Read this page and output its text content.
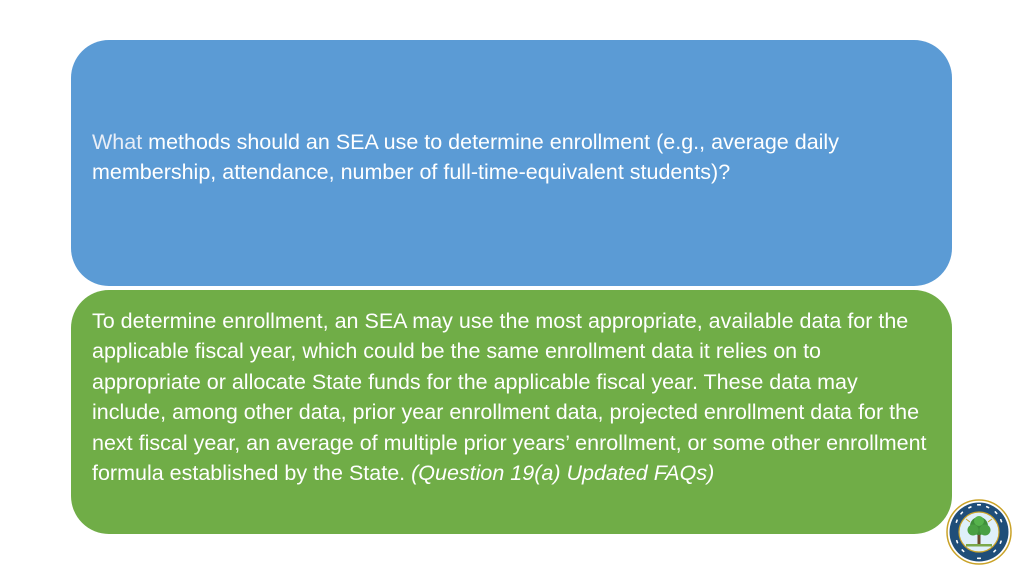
What methods should an SEA use to determine enrollment (e.g., average daily membership, attendance, number of full-time-equivalent students)?

To determine enrollment, an SEA may use the most appropriate, available data for the applicable fiscal year, which could be the same enrollment data it relies on to appropriate or allocate State funds for the applicable fiscal year. These data may include, among other data, prior year enrollment data, projected enrollment data for the next fiscal year, an average of multiple prior years’ enrollment, or some other enrollment formula established by the State. (Question 19(a) Updated FAQs)
